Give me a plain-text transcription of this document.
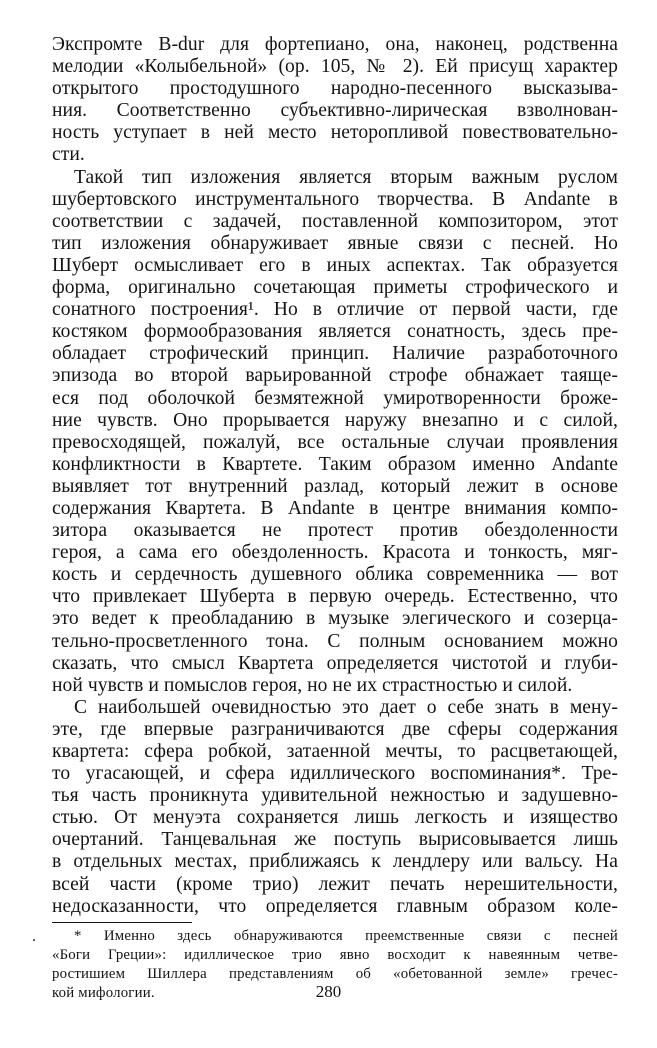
Экспромте B-dur для фортепиано, она, наконец, родственна
мелодии «Колыбельной» (ор. 105, № 2). Ей присущ характер
открытого простодушного народно-песенного высказыва-
ния. Соответственно субъективно-лирическая взволнован-
ность уступает в ней место неторопливой повествовательно-
сти.
Такой тип изложения является вторым важным руслом
шубертовского инструментального творчества. В Andante в
соответствии с задачей, поставленной композитором, этот
тип изложения обнаруживает явные связи с песней. Но
Шуберт осмысливает его в иных аспектах. Так образуется
форма, оригинально сочетающая приметы строфического и
сонатного построения¹. Но в отличие от первой части, где
костяком формообразования является сонатность, здесь пре-
обладает строфический принцип. Наличие разработочного
эпизода во второй варьированной строфе обнажает таяще-
еся под оболочкой безмятежной умиротворенности броже-
ние чувств. Оно прорывается наружу внезапно и с силой,
превосходящей, пожалуй, все остальные случаи проявления
конфликтности в Квартете. Таким образом именно Andante
выявляет тот внутренний разлад, который лежит в основе
содержания Квартета. В Andante в центре внимания компо-
зитора оказывается не протест против обездоленности
героя, а сама его обездоленность. Красота и тонкость, мяг-
кость и сердечность душевного облика современника — вот
что привлекает Шуберта в первую очередь. Естественно, что
это ведет к преобладанию в музыке элегического и созерца-
тельно-просветленного тона. С полным основанием можно
сказать, что смысл Квартета определяется чистотой и глуби-
ной чувств и помыслов героя, но не их страстностью и силой.
С наибольшей очевидностью это дает о себе знать в мену-
эте, где впервые разграничиваются две сферы содержания
квартета: сфера робкой, затаенной мечты, то расцветающей,
то угасающей, и сфера идиллического воспоминания*. Тре-
тья часть проникнута удивительной нежностью и задушевно-
стью. От менуэта сохраняется лишь легкость и изящество
очертаний. Танцевальная же поступь вырисовывается лишь
в отдельных местах, приближаясь к лендлеру или вальсу. На
всей части (кроме трио) лежит печать нерешительности,
недосказанности, что определяется главным образом коле-
* Именно здесь обнаруживаются преемственные связи с песней
«Боги Греции»: идиллическое трио явно восходит к навеянным четве-
ростишием Шиллера представлениям об «обетованной земле» гречес-
кой мифологии.
.
280
